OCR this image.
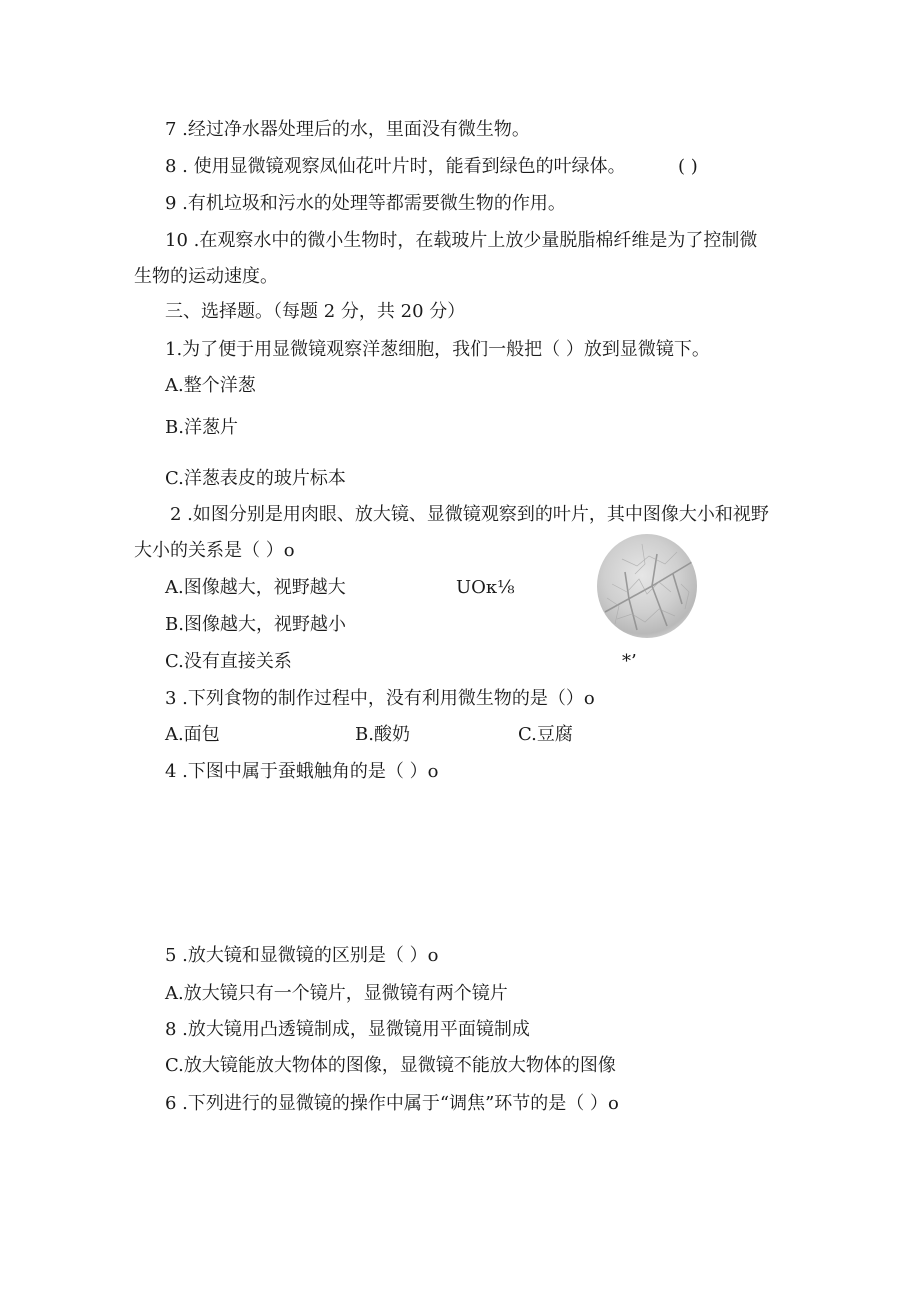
7 .经过净水器处理后的水，里面没有微生物。
8 . 使用显微镜观察凤仙花叶片时，能看到绿色的叶绿体。	( )
9 .有机垃圾和污水的处理等都需要微生物的作用。
10 .在观察水中的微小生物时，在载玻片上放少量脱脂棉纤维是为了控制微
生物的运动速度。
三、选择题。（每题 2 分，共 20 分）
1.为了便于用显微镜观察洋葱细胞，我们一般把（ ）放到显微镜下。
A.整个洋葱
B.洋葱片
C.洋葱表皮的玻片标本
2 .如图分别是用肉眼、放大镜、显微镜观察到的叶片，其中图像大小和视野
大小的关系是（ ）o
A.图像越大，视野越大	UOк⅛
B.图像越大，视野越小
C.没有直接关系	*’
3 .下列食物的制作过程中，没有利用微生物的是（）o
A.面包	B.酸奶	C.豆腐
4 .下图中属于蚕蛾触角的是（ ）o
5 .放大镜和显微镜的区别是（ ）o
A.放大镜只有一个镜片，显微镜有两个镜片
8 .放大镜用凸透镜制成，显微镜用平面镜制成
C.放大镜能放大物体的图像，显微镜不能放大物体的图像
6 .下列进行的显微镜的操作中属于“调焦”环节的是（ ）o
